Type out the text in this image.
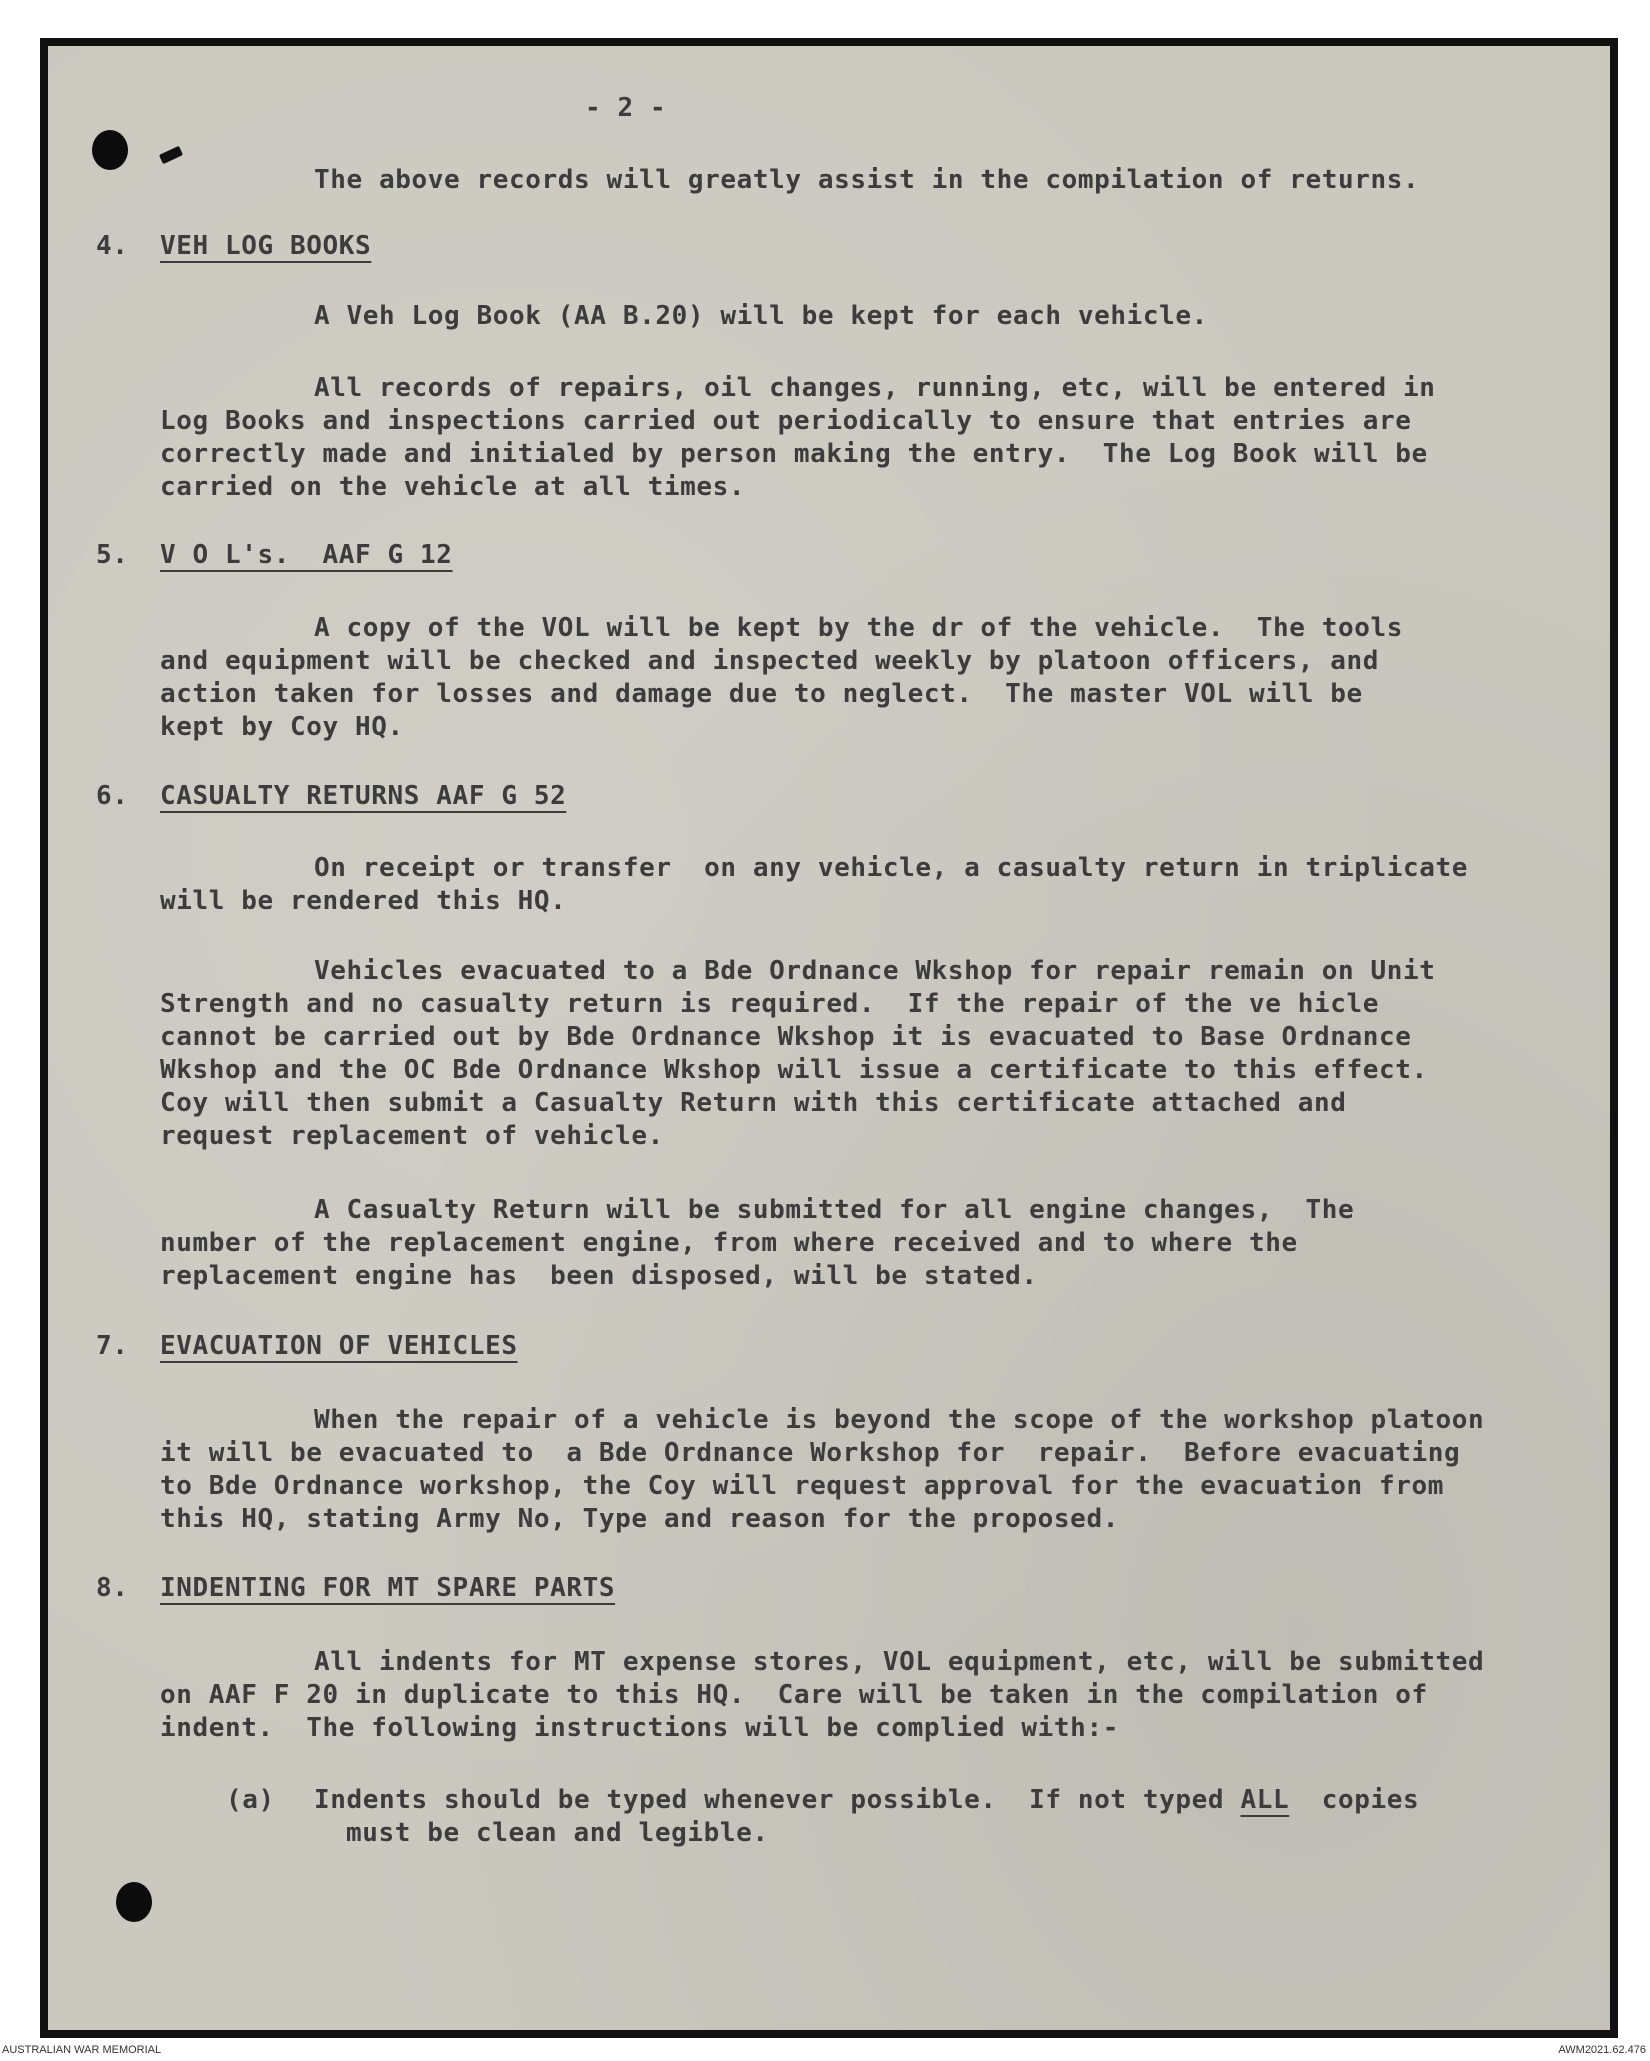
- 2 -
The above records will greatly assist in the compilation of returns.
4. VEH LOG BOOKS
A Veh Log Book (AA B.20) will be kept for each vehicle.
All records of repairs, oil changes, running, etc, will be entered in
Log Books and inspections carried out periodically to ensure that entries are
correctly made and initialed by person making the entry.  The Log Book will be
carried on the vehicle at all times.
5. V O L's.  AAF G 12
A copy of the VOL will be kept by the dr of the vehicle.  The tools
and equipment will be checked and inspected weekly by platoon officers, and
action taken for losses and damage due to neglect.  The master VOL will be
kept by Coy HQ.
6. CASUALTY RETURNS AAF G 52
On receipt or transfer  on any vehicle, a casualty return in triplicate
will be rendered this HQ.
Vehicles evacuated to a Bde Ordnance Wkshop for repair remain on Unit
Strength and no casualty return is required.  If the repair of the ve hicle
cannot be carried out by Bde Ordnance Wkshop it is evacuated to Base Ordnance
Wkshop and the OC Bde Ordnance Wkshop will issue a certificate to this effect.
Coy will then submit a Casualty Return with this certificate attached and
request replacement of vehicle.
A Casualty Return will be submitted for all engine changes,  The
number of the replacement engine, from where received and to where the
replacement engine has  been disposed, will be stated.
7. EVACUATION OF VEHICLES
When the repair of a vehicle is beyond the scope of the workshop platoon
it will be evacuated to  a Bde Ordnance Workshop for  repair.  Before evacuating
to Bde Ordnance workshop, the Coy will request approval for the evacuation from
this HQ, stating Army No, Type and reason for the proposed.
8. INDENTING FOR MT SPARE PARTS
All indents for MT expense stores, VOL equipment, etc, will be submitted
on AAF F 20 in duplicate to this HQ.  Care will be taken in the compilation of
indent.  The following instructions will be complied with:-
(a) Indents should be typed whenever possible.  If not typed ALL  copies
must be clean and legible.
AUSTRALIAN WAR MEMORIAL	AWM2021.62.476
